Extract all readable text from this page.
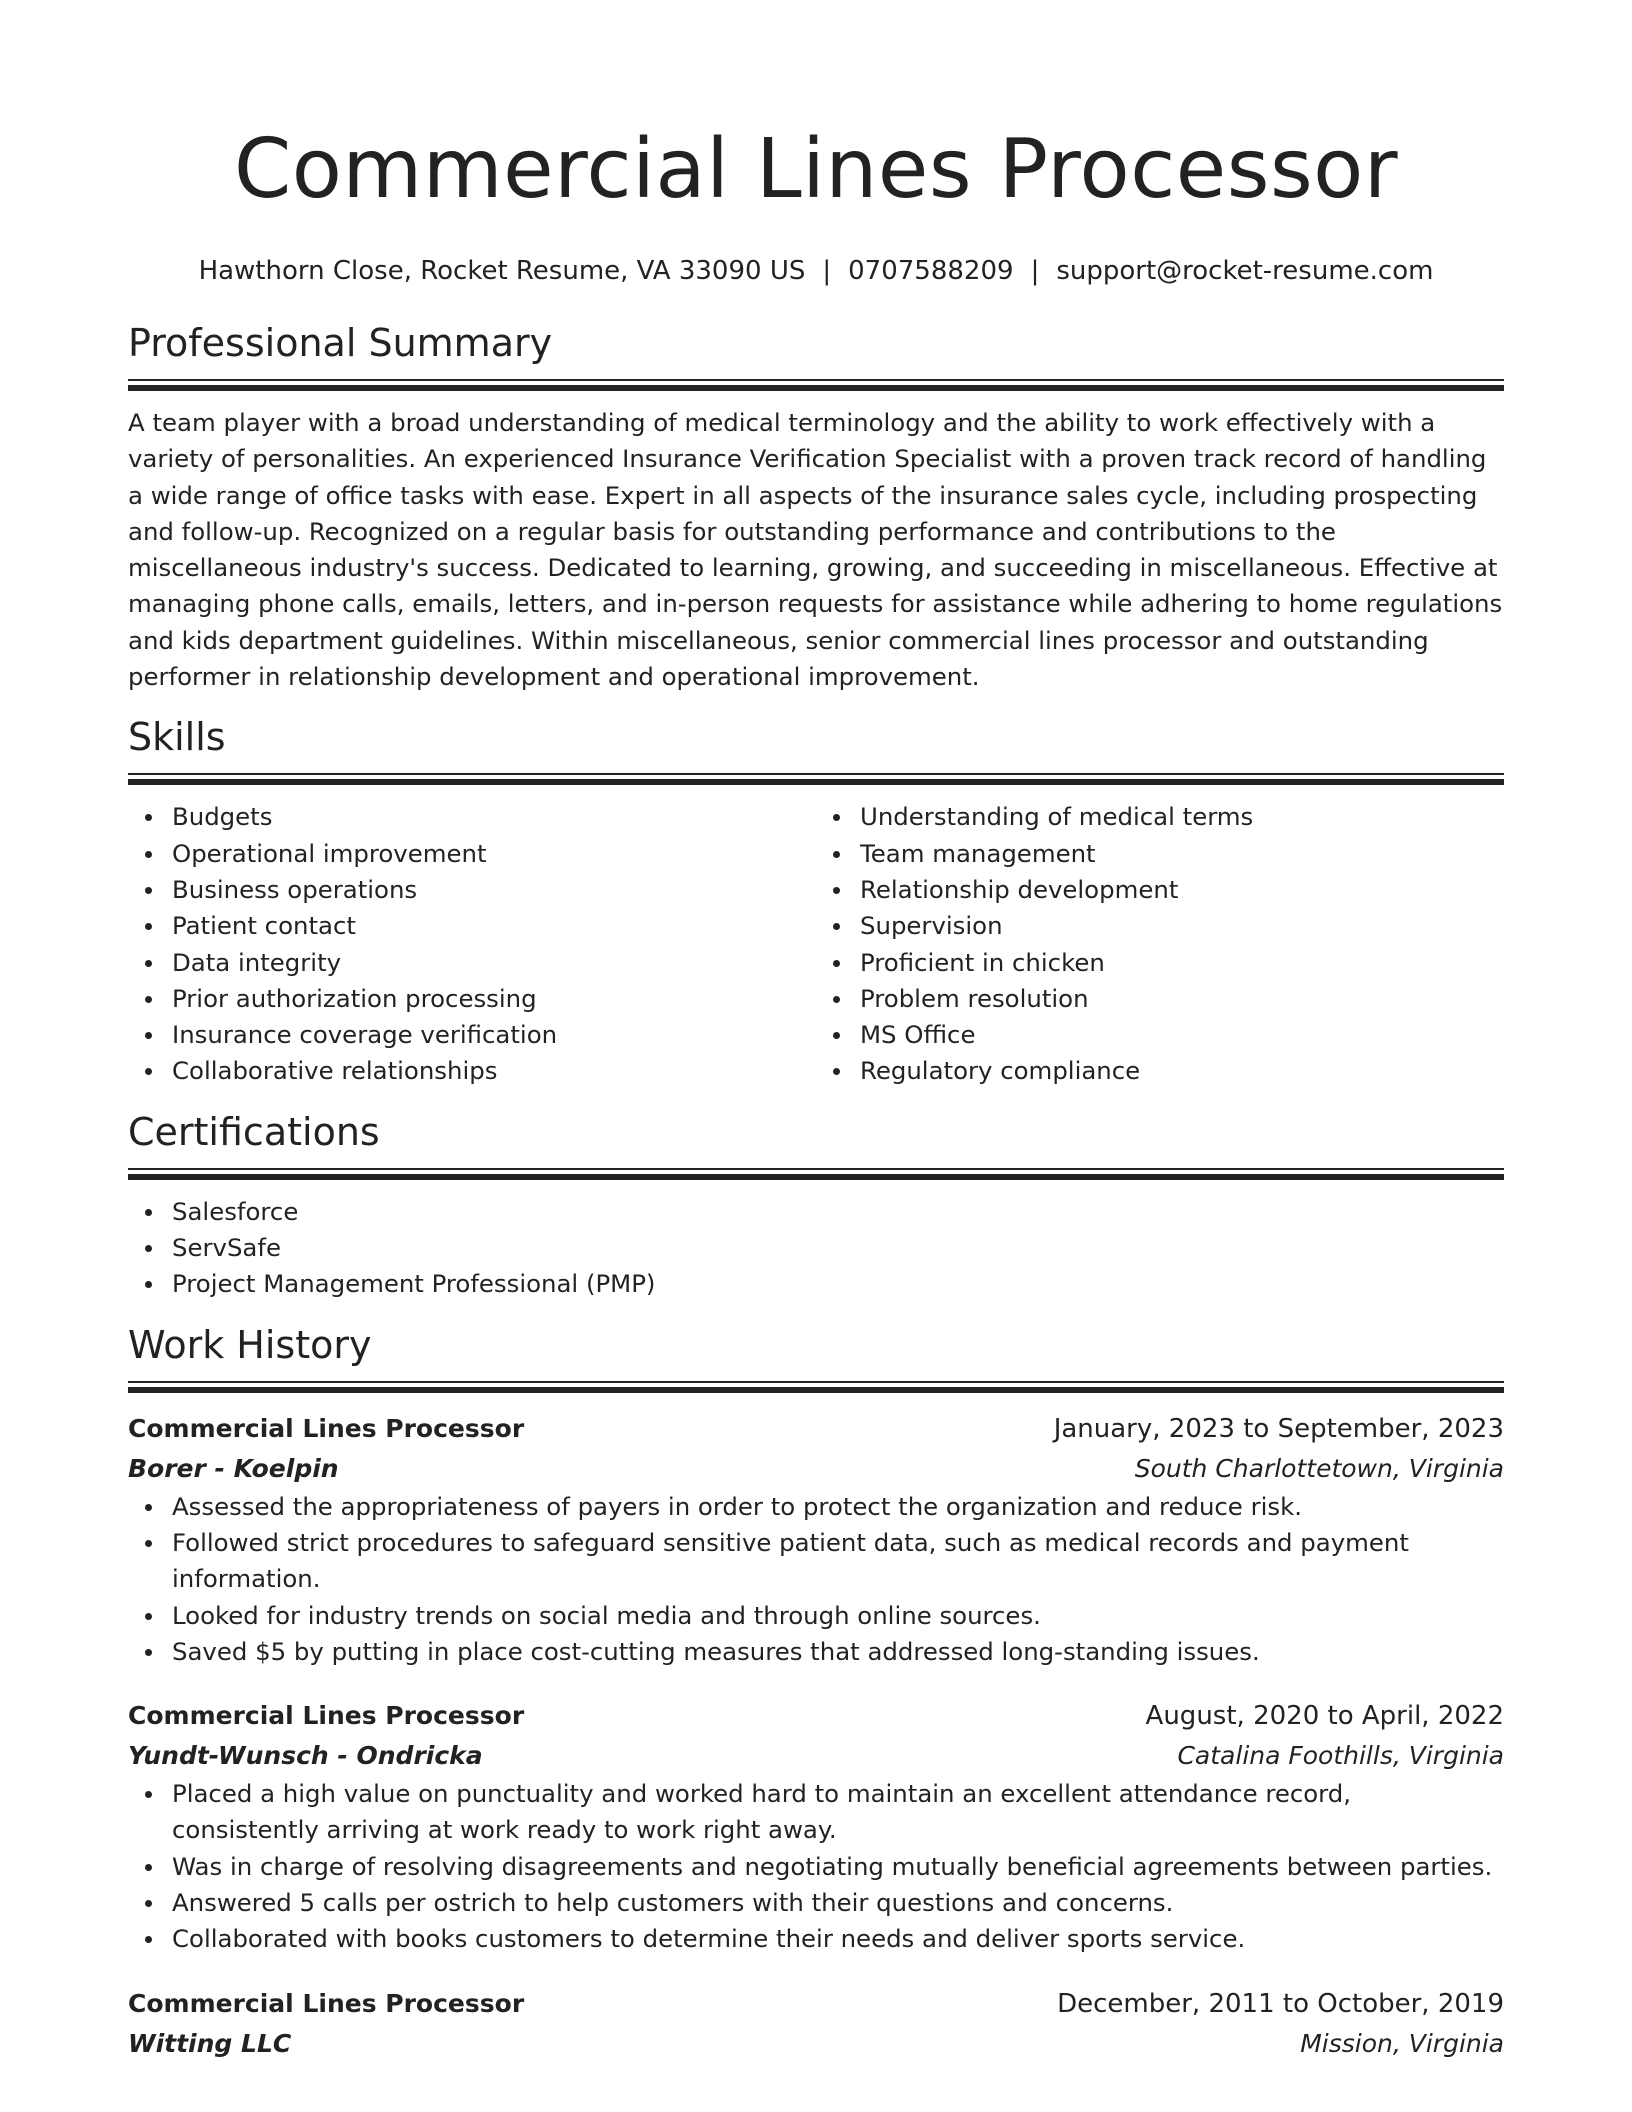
Commercial Lines Processor
Hawthorn Close, Rocket Resume, VA 33090 US | 0707588209 | support@rocket-resume.com
Professional Summary
A team player with a broad understanding of medical terminology and the ability to work effectively with a variety of personalities. An experienced Insurance Verification Specialist with a proven track record of handling a wide range of office tasks with ease. Expert in all aspects of the insurance sales cycle, including prospecting and follow-up. Recognized on a regular basis for outstanding performance and contributions to the miscellaneous industry's success. Dedicated to learning, growing, and succeeding in miscellaneous. Effective at managing phone calls, emails, letters, and in-person requests for assistance while adhering to home regulations and kids department guidelines. Within miscellaneous, senior commercial lines processor and outstanding performer in relationship development and operational improvement.
Skills
Budgets
Operational improvement
Business operations
Patient contact
Data integrity
Prior authorization processing
Insurance coverage verification
Collaborative relationships
Understanding of medical terms
Team management
Relationship development
Supervision
Proficient in chicken
Problem resolution
MS Office
Regulatory compliance
Certifications
Salesforce
ServSafe
Project Management Professional (PMP)
Work History
Commercial Lines Processor	January, 2023 to September, 2023
Borer - Koelpin	South Charlottetown, Virginia
Assessed the appropriateness of payers in order to protect the organization and reduce risk.
Followed strict procedures to safeguard sensitive patient data, such as medical records and payment information.
Looked for industry trends on social media and through online sources.
Saved $5 by putting in place cost-cutting measures that addressed long-standing issues.
Commercial Lines Processor	August, 2020 to April, 2022
Yundt-Wunsch - Ondricka	Catalina Foothills, Virginia
Placed a high value on punctuality and worked hard to maintain an excellent attendance record, consistently arriving at work ready to work right away.
Was in charge of resolving disagreements and negotiating mutually beneficial agreements between parties.
Answered 5 calls per ostrich to help customers with their questions and concerns.
Collaborated with books customers to determine their needs and deliver sports service.
Commercial Lines Processor	December, 2011 to October, 2019
Witting LLC	Mission, Virginia
